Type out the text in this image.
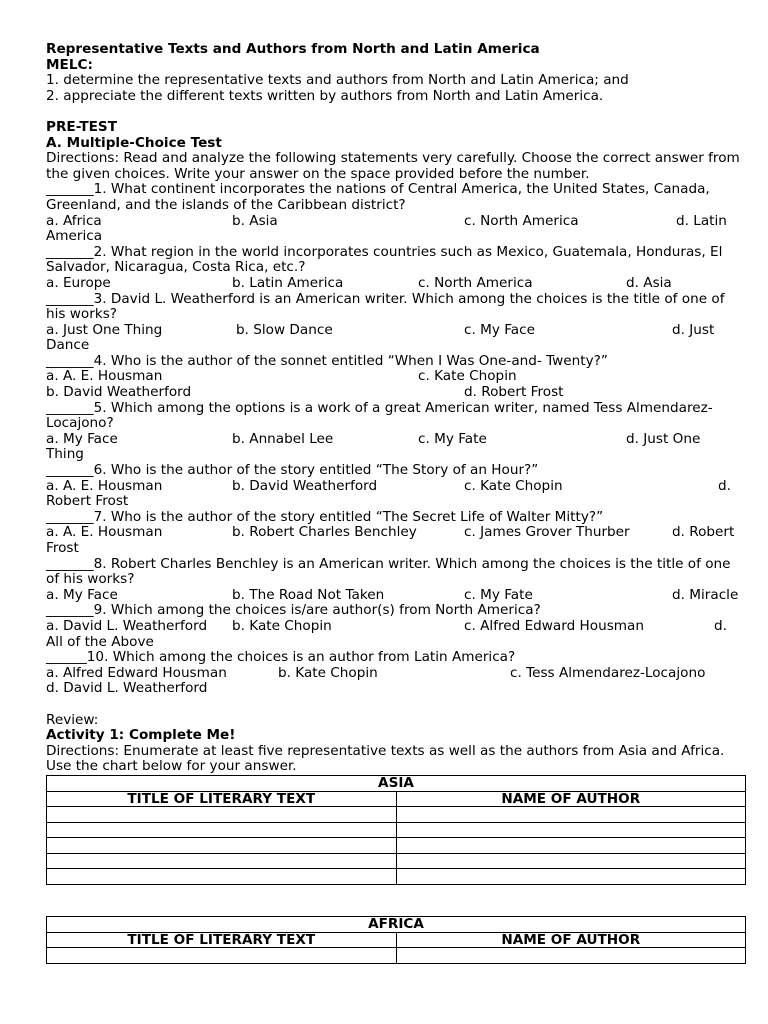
Representative Texts and Authors from North and Latin America

MELC:

1. determine the representative texts and authors from North and Latin America; and

2. appreciate the different texts written by authors from North and Latin America.

PRE-TEST

A. Multiple-Choice Test

Directions: Read and analyze the following statements very carefully. Choose the correct answer from the given choices. Write your answer on the space provided before the number.

_______1. What continent incorporates the nations of Central America, the United States, Canada, Greenland, and the islands of the Caribbean district?

a. Africa	b. Asia	c. North America	d. Latin

America

_______2. What region in the world incorporates countries such as Mexico, Guatemala, Honduras, El Salvador, Nicaragua, Costa Rica, etc.?

a. Europe	b. Latin America	c. North America	d. Asia

_______3. David L. Weatherford is an American writer. Which among the choices is the title of one of his works?

a. Just One Thing	b. Slow Dance	c. My Face	d. Just

Dance

_______4. Who is the author of the sonnet entitled “When I Was One-and- Twenty?”

a. A. E. Housman	c. Kate Chopin
b. David Weatherford	d. Robert Frost

_______5. Which among the options is a work of a great American writer, named Tess Almendarez-Locajono?

a. My Face	b. Annabel Lee	c. My Fate	d. Just One

Thing

_______6. Who is the author of the story entitled “The Story of an Hour?”

a. A. E. Housman	b. David Weatherford	c. Kate Chopin	d.

Robert Frost

_______7. Who is the author of the story entitled “The Secret Life of Walter Mitty?”

a. A. E. Housman	b. Robert Charles Benchley	c. James Grover Thurber	d. Robert

Frost

_______8. Robert Charles Benchley is an American writer. Which among the choices is the title of one of his works?

a. My Face	b. The Road Not Taken	c. My Fate	d. Miracle

_______9. Which among the choices is/are author(s) from North America?

a. David L. Weatherford b. Kate Chopin	c. Alfred Edward Housman	d.

All of the Above

______10. Which among the choices is an author from Latin America?

a. Alfred Edward Housman	b. Kate Chopin	c. Tess Almendarez-Locajono

d. David L. Weatherford

Review:

Activity 1: Complete Me!

Directions: Enumerate at least five representative texts as well as the authors from Asia and Africa. Use the chart below for your answer.

ASIA	
TITLE OF LITERARY TEXT	NAME OF AUTHOR

AFRICA	
TITLE OF LITERARY TEXT	NAME OF AUTHOR
